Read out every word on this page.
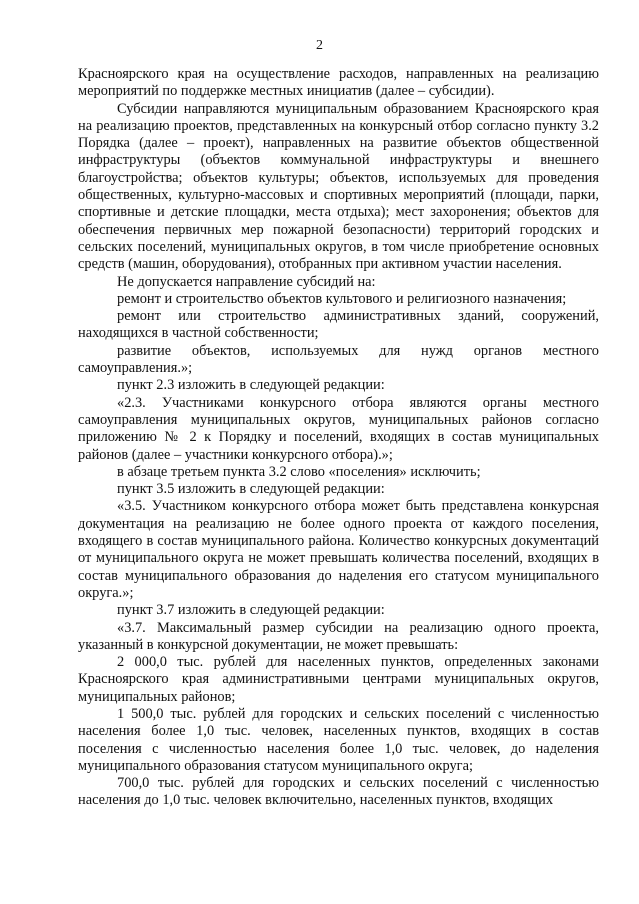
2

Красноярского края на осуществление расходов, направленных на реализацию мероприятий по поддержке местных инициатив (далее – субсидии).

Субсидии направляются муниципальным образованием Красноярского края на реализацию проектов, представленных на конкурсный отбор согласно пункту 3.2 Порядка (далее – проект), направленных на развитие объектов общественной инфраструктуры (объектов коммунальной инфраструктуры и внешнего благоустройства; объектов культуры; объектов, используемых для проведения общественных, культурно-массовых и спортивных мероприятий (площади, парки, спортивные и детские площадки, места отдыха); мест захоронения; объектов для обеспечения первичных мер пожарной безопасности) территорий городских и сельских поселений, муниципальных округов, в том числе приобретение основных средств (машин, оборудования), отобранных при активном участии населения.

Не допускается направление субсидий на:

ремонт и строительство объектов культового и религиозного назначения;

ремонт или строительство административных зданий, сооружений, находящихся в частной собственности;

развитие объектов, используемых для нужд органов местного самоуправления.»;

пункт 2.3 изложить в следующей редакции:

«2.3. Участниками конкурсного отбора являются органы местного самоуправления муниципальных округов, муниципальных районов согласно приложению № 2 к Порядку и поселений, входящих в состав муниципальных районов (далее – участники конкурсного отбора).»;

в абзаце третьем пункта 3.2 слово «поселения» исключить;

пункт 3.5 изложить в следующей редакции:

«3.5. Участником конкурсного отбора может быть представлена конкурсная документация на реализацию не более одного проекта от каждого поселения, входящего в состав муниципального района. Количество конкурсных документаций от муниципального округа не может превышать количества поселений, входящих в состав муниципального образования до наделения его статусом муниципального округа.»;

пункт 3.7 изложить в следующей редакции:

«3.7. Максимальный размер субсидии на реализацию одного проекта, указанный в конкурсной документации, не может превышать:

2 000,0 тыс. рублей для населенных пунктов, определенных законами Красноярского края административными центрами муниципальных округов, муниципальных районов;

1 500,0 тыс. рублей для городских и сельских поселений с численностью населения более 1,0 тыс. человек, населенных пунктов, входящих в состав поселения с численностью населения более 1,0 тыс. человек, до наделения муниципального образования статусом муниципального округа;

700,0 тыс. рублей для городских и сельских поселений с численностью населения до 1,0 тыс. человек включительно, населенных пунктов, входящих
